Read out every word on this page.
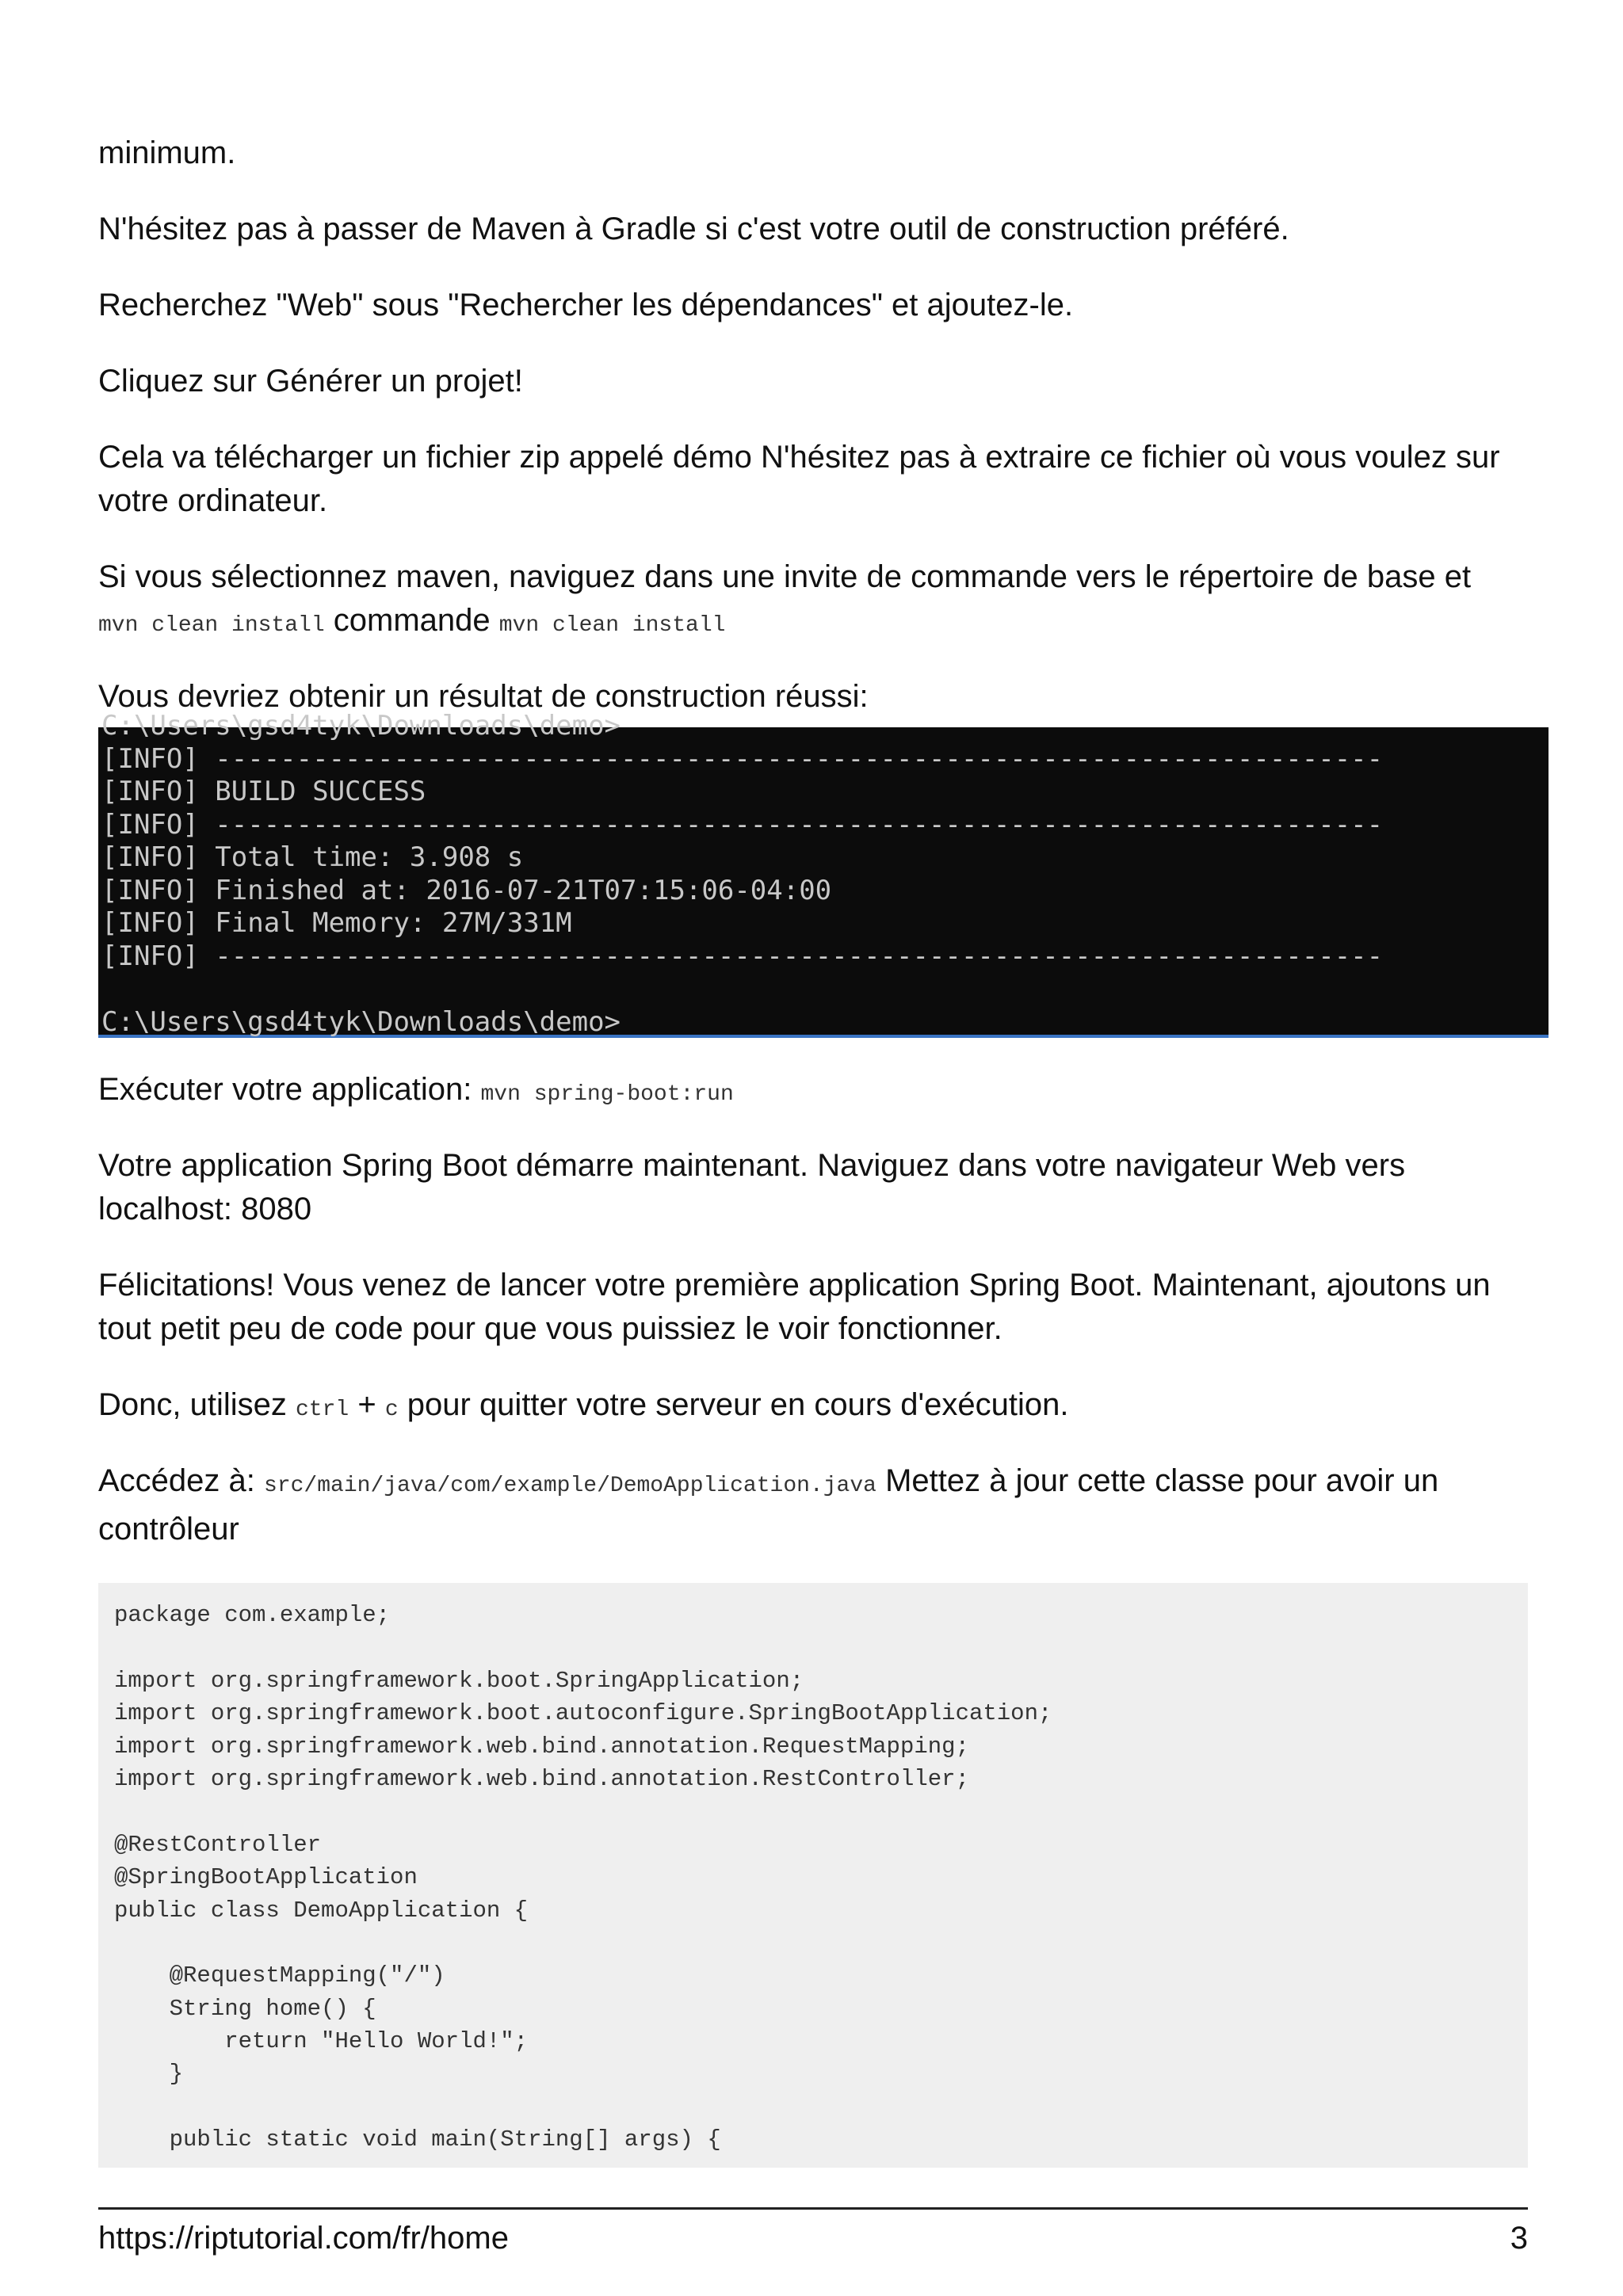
minimum.

N'hésitez pas à passer de Maven à Gradle si c'est votre outil de construction préféré.

Recherchez "Web" sous "Rechercher les dépendances" et ajoutez-le.

Cliquez sur Générer un projet!

Cela va télécharger un fichier zip appelé démo N'hésitez pas à extraire ce fichier où vous voulez sur votre ordinateur.

Si vous sélectionnez maven, naviguez dans une invite de commande vers le répertoire de base et
mvn clean install commande mvn clean install

Vous devriez obtenir un résultat de construction réussi:

C:\Users\gsd4tyk\Downloads\demo>
[INFO] ------------------------------------------------------------------------
[INFO] BUILD SUCCESS
[INFO] ------------------------------------------------------------------------
[INFO] Total time: 3.908 s
[INFO] Finished at: 2016-07-21T07:15:06-04:00
[INFO] Final Memory: 27M/331M
[INFO] ------------------------------------------------------------------------
C:\Users\gsd4tyk\Downloads\demo>

Exécuter votre application: mvn spring-boot:run

Votre application Spring Boot démarre maintenant. Naviguez dans votre navigateur Web vers localhost: 8080

Félicitations! Vous venez de lancer votre première application Spring Boot. Maintenant, ajoutons un tout petit peu de code pour que vous puissiez le voir fonctionner.

Donc, utilisez ctrl + c pour quitter votre serveur en cours d'exécution.

Accédez à: src/main/java/com/example/DemoApplication.java Mettez à jour cette classe pour avoir un contrôleur

package com.example;
import org.springframework.boot.SpringApplication;
import org.springframework.boot.autoconfigure.SpringBootApplication;
import org.springframework.web.bind.annotation.RequestMapping;
import org.springframework.web.bind.annotation.RestController;
@RestController
@SpringBootApplication
public class DemoApplication {
@RequestMapping("/")
String home() {
return "Hello World!";
}
public static void main(String[] args) {
https://riptutorial.com/fr/home	3
